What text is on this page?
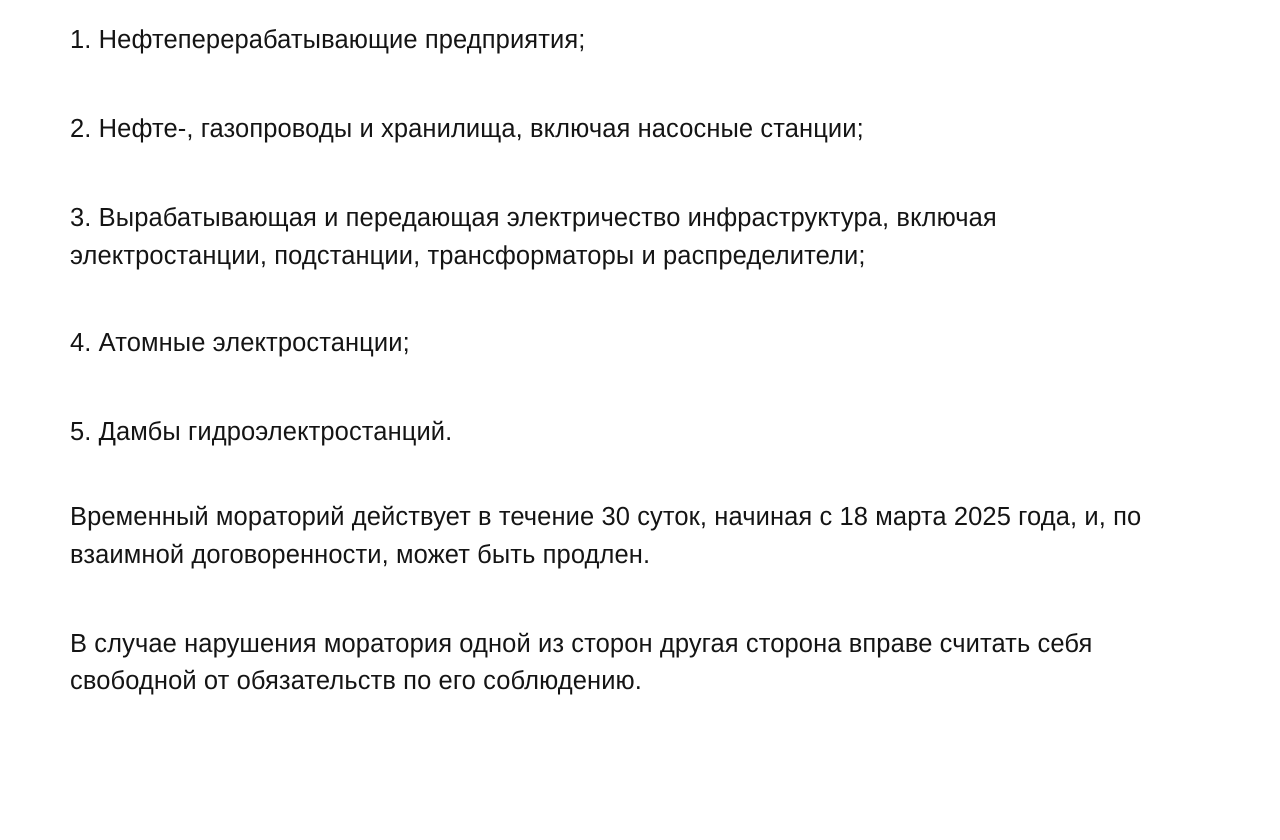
1. Нефтеперерабатывающие предприятия;

2. Нефте-, газопроводы и хранилища, включая насосные станции;

3. Вырабатывающая и передающая электричество инфраструктура, включая электростанции, подстанции, трансформаторы и распределители;

4. Атомные электростанции;

5. Дамбы гидроэлектростанций.

Временный мораторий действует в течение 30 суток, начиная с 18 марта 2025 года, и, по взаимной договоренности, может быть продлен.

В случае нарушения моратория одной из сторон другая сторона вправе считать себя свободной от обязательств по его соблюдению.
